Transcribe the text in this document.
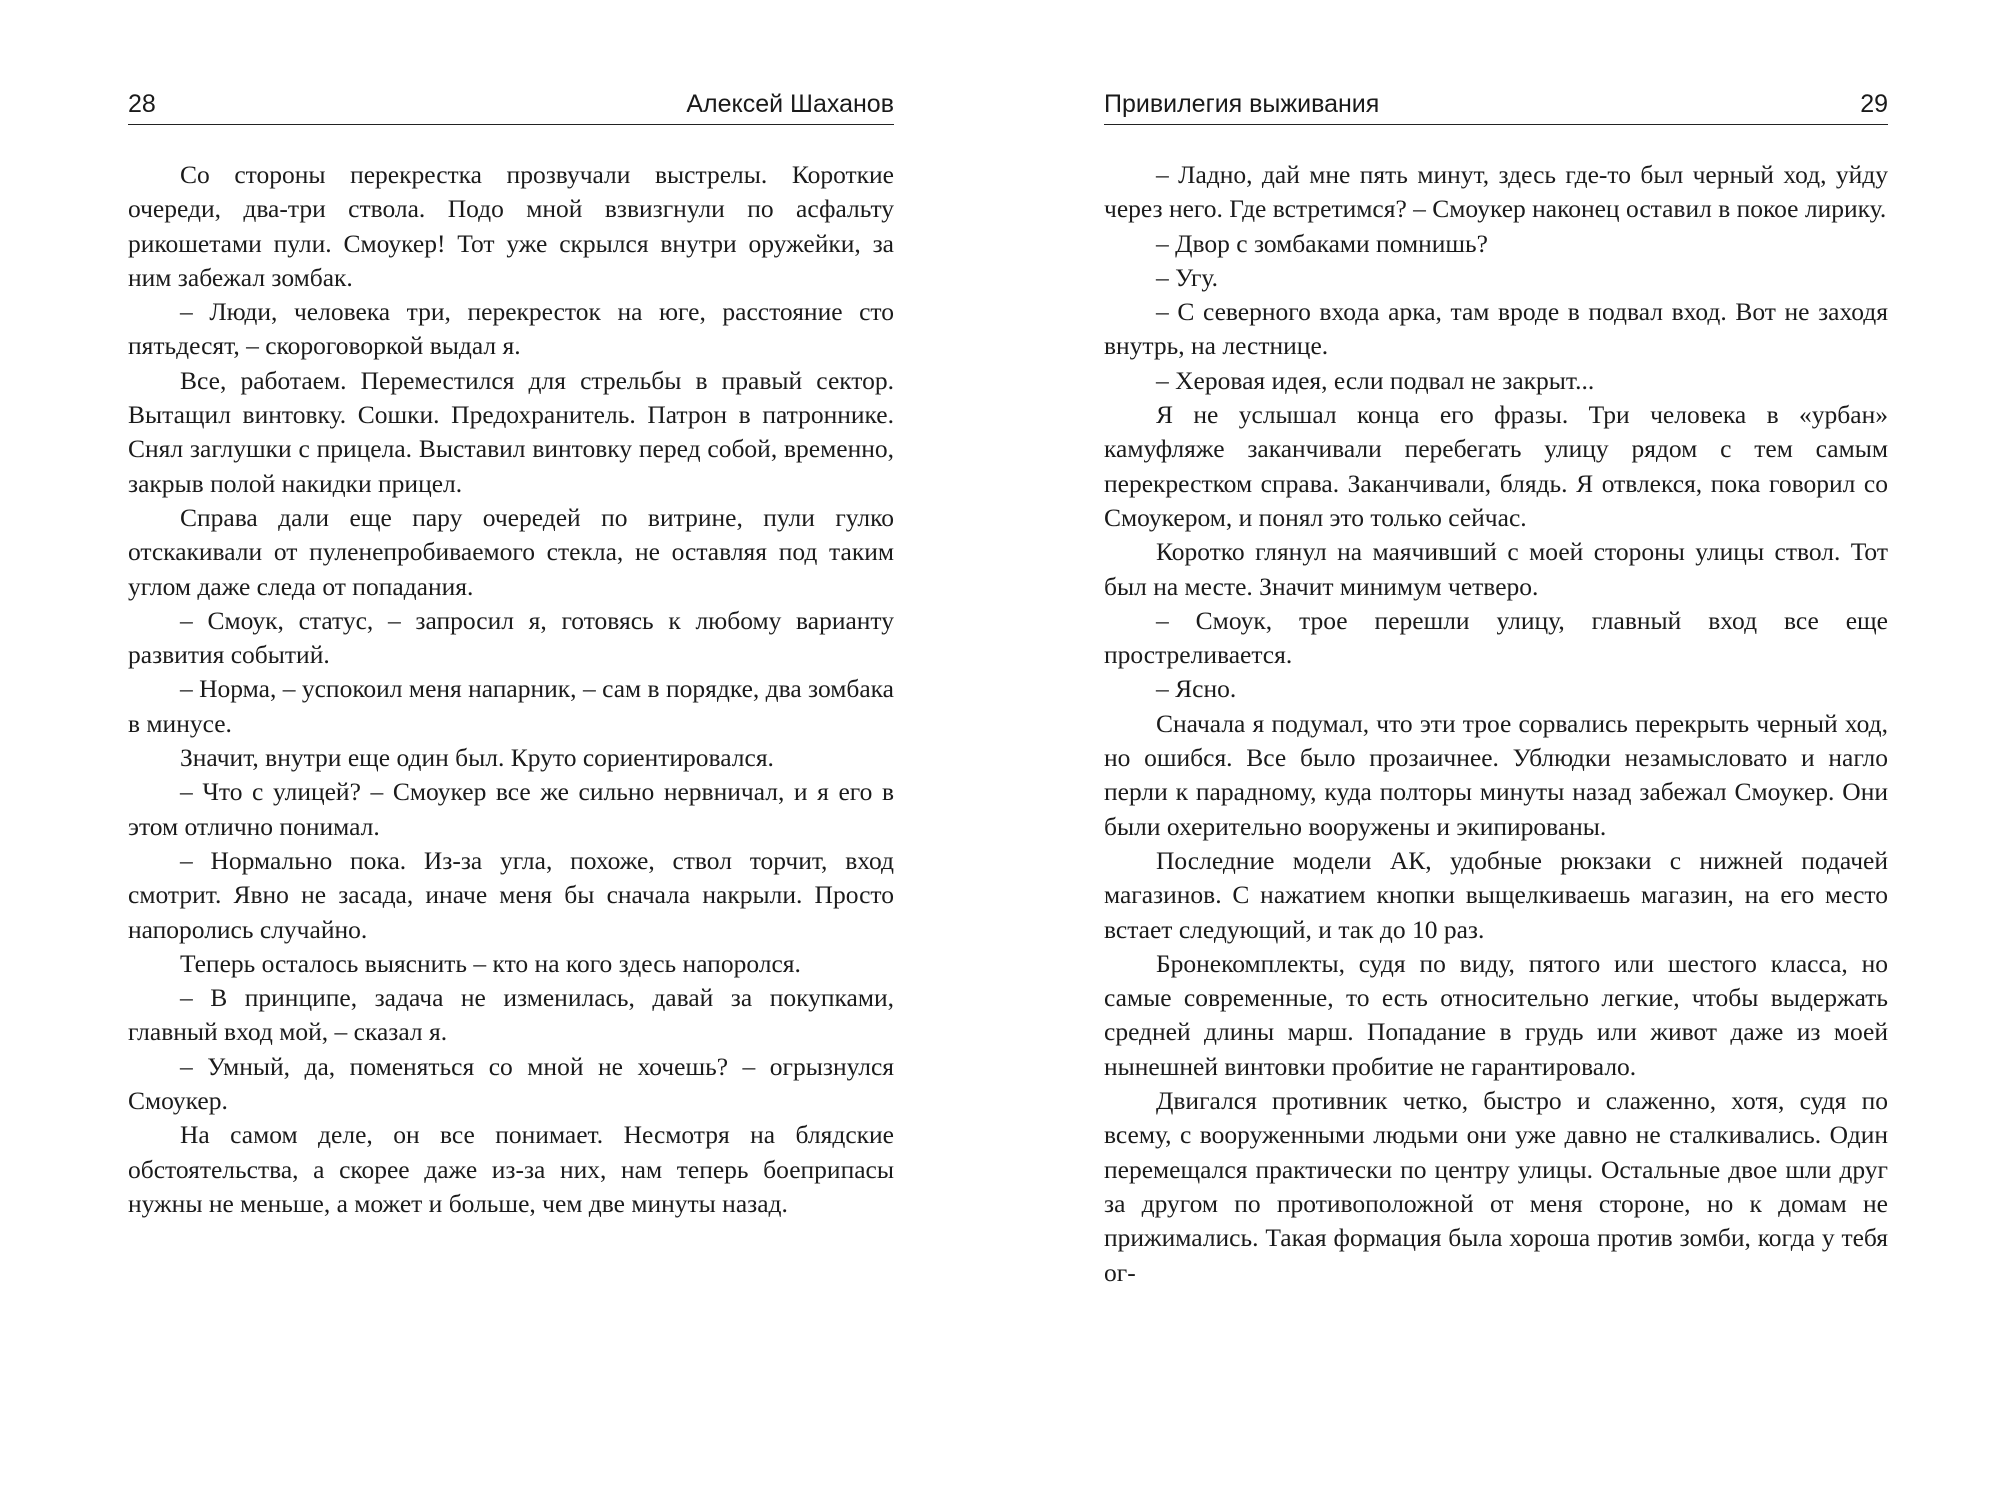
28	Алексей Шаханов

Со стороны перекрестка прозвучали выстрелы. Короткие очереди, два-три ствола. Подо мной взвизгнули по асфальту рикошетами пули. Смоукер! Тот уже скрылся внутри оружейки, за ним забежал зомбак.

– Люди, человека три, перекресток на юге, расстояние сто пятьдесят, – скороговоркой выдал я.

Все, работаем. Переместился для стрельбы в правый сектор. Вытащил винтовку. Сошки. Предохранитель. Патрон в патроннике. Снял заглушки с прицела. Выставил винтовку перед собой, временно, закрыв полой накидки прицел.

Справа дали еще пару очередей по витрине, пули гулко отскакивали от пуленепробиваемого стекла, не оставляя под таким углом даже следа от попадания.

– Смоук, статус, – запросил я, готовясь к любому варианту развития событий.

– Норма, – успокоил меня напарник, – сам в порядке, два зомбака в минусе.

Значит, внутри еще один был. Круто сориентировался.

– Что с улицей? – Смоукер все же сильно нервничал, и я его в этом отлично понимал.

– Нормально пока. Из-за угла, похоже, ствол торчит, вход смотрит. Явно не засада, иначе меня бы сначала накрыли. Просто напоролись случайно.

Теперь осталось выяснить – кто на кого здесь напоролся.

– В принципе, задача не изменилась, давай за покупками, главный вход мой, – сказал я.

– Умный, да, поменяться со мной не хочешь? – огрызнулся Смоукер.

На самом деле, он все понимает. Несмотря на блядские обстоятельства, а скорее даже из-за них, нам теперь боеприпасы нужны не меньше, а может и больше, чем две минуты назад.

Привилегия выживания	29

– Ладно, дай мне пять минут, здесь где-то был черный ход, уйду через него. Где встретимся? – Смоукер наконец оставил в покое лирику.

– Двор с зомбаками помнишь?

– Угу.

– С северного входа арка, там вроде в подвал вход. Вот не заходя внутрь, на лестнице.

– Херовая идея, если подвал не закрыт...

Я не услышал конца его фразы. Три человека в «урбан» камуфляже заканчивали перебегать улицу рядом с тем самым перекрестком справа. Заканчивали, блядь. Я отвлекся, пока говорил со Смоукером, и понял это только сейчас.

Коротко глянул на маячивший с моей стороны улицы ствол. Тот был на месте. Значит минимум четверо.

– Смоук, трое перешли улицу, главный вход все еще простреливается.

– Ясно.

Сначала я подумал, что эти трое сорвались перекрыть черный ход, но ошибся. Все было прозаичнее. Ублюдки незамысловато и нагло перли к парадному, куда полторы минуты назад забежал Смоукер. Они были охерительно вооружены и экипированы.

Последние модели АК, удобные рюкзаки с нижней подачей магазинов. С нажатием кнопки выщелкиваешь магазин, на его место встает следующий, и так до 10 раз.

Бронекомплекты, судя по виду, пятого или шестого класса, но самые современные, то есть относительно легкие, чтобы выдержать средней длины марш. Попадание в грудь или живот даже из моей нынешней винтовки пробитие не гарантировало.

Двигался противник четко, быстро и слаженно, хотя, судя по всему, с вооруженными людьми они уже давно не сталкивались. Один перемещался практически по центру улицы. Остальные двое шли друг за другом по противоположной от меня стороне, но к домам не прижимались. Такая формация была хороша против зомби, когда у тебя ог-
